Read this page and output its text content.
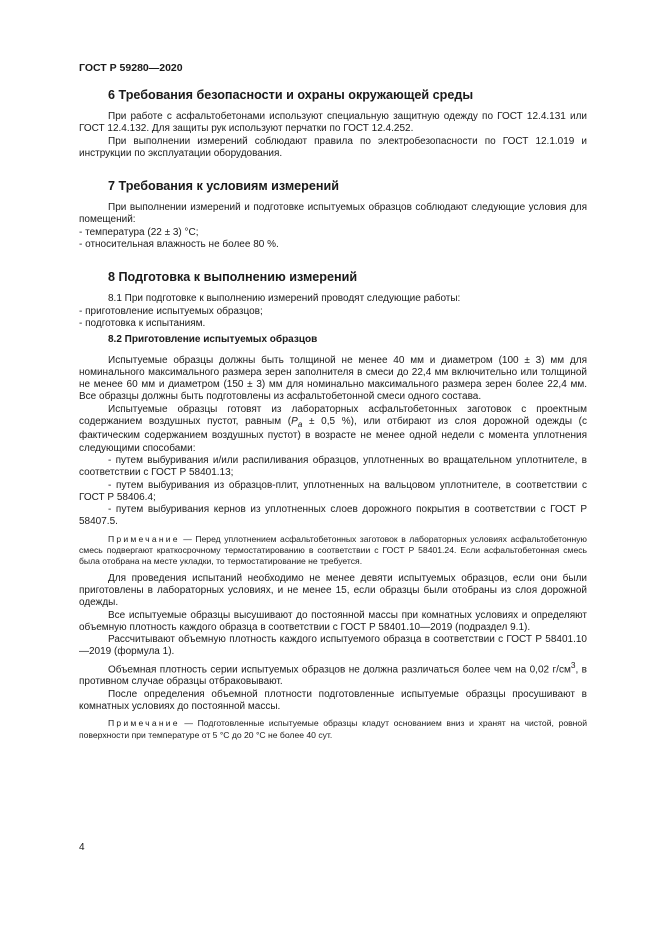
ГОСТ Р 59280—2020
6 Требования безопасности и охраны окружающей среды

При работе с асфальтобетонами используют специальную защитную одежду по ГОСТ 12.4.131 или ГОСТ 12.4.132. Для защиты рук используют перчатки по ГОСТ 12.4.252.

При выполнении измерений соблюдают правила по электробезопасности по ГОСТ 12.1.019 и инструкции по эксплуатации оборудования.

7 Требования к условиям измерений

При выполнении измерений и подготовке испытуемых образцов соблюдают следующие условия для помещений:

- температура (22 ± 3) °С;

- относительная влажность не более 80 %.

8 Подготовка к выполнению измерений

8.1 При подготовке к выполнению измерений проводят следующие работы:

- приготовление испытуемых образцов;

- подготовка к испытаниям.

8.2 Приготовление испытуемых образцов

Испытуемые образцы должны быть толщиной не менее 40 мм и диаметром (100 ± 3) мм для номинального максимального размера зерен заполнителя в смеси до 22,4 мм включительно или толщиной не менее 60 мм и диаметром (150 ± 3) мм для номинально максимального размера зерен более 22,4 мм. Все образцы должны быть подготовлены из асфальтобетонной смеси одного состава.

Испытуемые образцы готовят из лабораторных асфальтобетонных заготовок с проектным содержанием воздушных пустот, равным ($P_a \pm 0,5$ %), или отбирают из слоя дорожной одежды (с фактическим содержанием воздушных пустот) в возрасте не менее одной недели с момента уплотнения следующими способами:

- путем выбуривания и/или распиливания образцов, уплотненных во вращательном уплотнителе, в соответствии с ГОСТ Р 58401.13;

- путем выбуривания из образцов-плит, уплотненных на вальцовом уплотнителе, в соответствии с ГОСТ Р 58406.4;

- путем выбуривания кернов из уплотненных слоев дорожного покрытия в соответствии с ГОСТ Р 58407.5.

Примечание — Перед уплотнением асфальтобетонных заготовок в лабораторных условиях асфальтобетонную смесь подвергают краткосрочному термостатированию в соответствии с ГОСТ Р 58401.24. Если асфальтобетонная смесь была отобрана на месте укладки, то термостатирование не требуется.

Для проведения испытаний необходимо не менее девяти испытуемых образцов, если они были приготовлены в лабораторных условиях, и не менее 15, если образцы были отобраны из слоя дорожной одежды.

Все испытуемые образцы высушивают до постоянной массы при комнатных условиях и определяют объемную плотность каждого образца в соответствии с ГОСТ Р 58401.10—2019 (подраздел 9.1).

Рассчитывают объемную плотность каждого испытуемого образца в соответствии с ГОСТ Р 58401.10—2019 (формула 1).

Объемная плотность серии испытуемых образцов не должна различаться более чем на 0,02 $г/см^3$, в противном случае образцы отбраковывают.

После определения объемной плотности подготовленные испытуемые образцы просушивают в комнатных условиях до постоянной массы.

Примечание — Подготовленные испытуемые образцы кладут основанием вниз и хранят на чистой, ровной поверхности при температуре от 5 °С до 20 °С не более 40 сут.

4
